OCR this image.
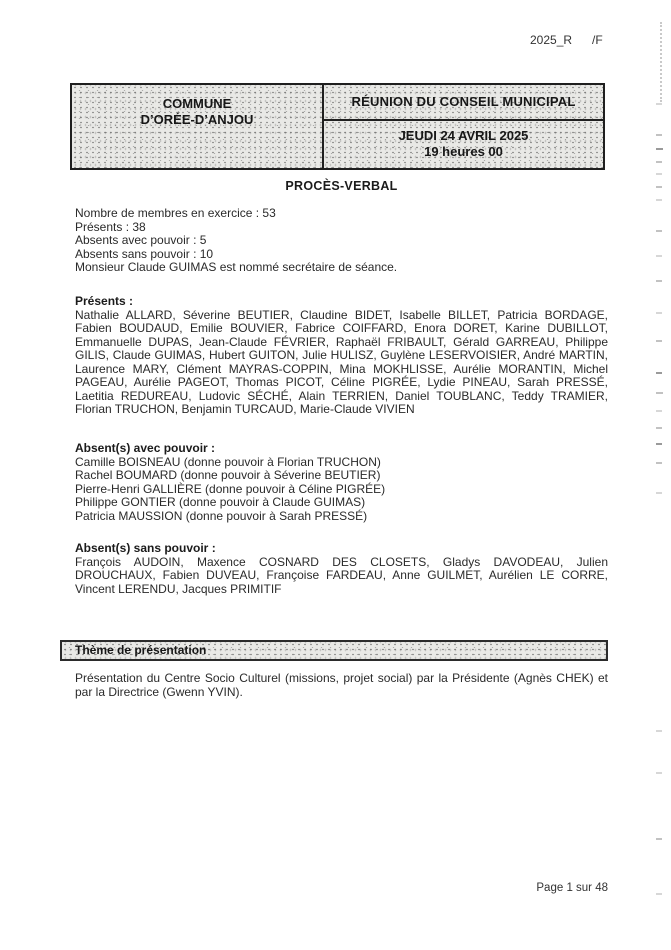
2025_R      /F
COMMUNE
D’ORÉE-D’ANJOU
RÉUNION DU CONSEIL MUNICIPAL
JEUDI 24 AVRIL 2025
19 heures 00
PROCÈS-VERBAL
Nombre de membres en exercice : 53
Présents : 38
Absents avec pouvoir : 5
Absents sans pouvoir : 10
Monsieur Claude GUIMAS est nommé secrétaire de séance.
Présents :
Nathalie ALLARD, Séverine BEUTIER, Claudine BIDET, Isabelle BILLET, Patricia BORDAGE, Fabien BOUDAUD, Emilie BOUVIER, Fabrice COIFFARD, Enora DORET, Karine DUBILLOT, Emmanuelle DUPAS, Jean-Claude FÉVRIER, Raphaël FRIBAULT, Gérald GARREAU, Philippe GILIS, Claude GUIMAS, Hubert GUITON, Julie HULISZ, Guylène LESERVOISIER, André MARTIN, Laurence MARY, Clément MAYRAS-COPPIN, Mina MOKHLISSE, Aurélie MORANTIN, Michel PAGEAU, Aurélie PAGEOT, Thomas PICOT, Céline PIGRÉE, Lydie PINEAU, Sarah PRESSÉ, Laetitia REDUREAU, Ludovic SÉCHÉ, Alain TERRIEN, Daniel TOUBLANC, Teddy TRAMIER, Florian TRUCHON, Benjamin TURCAUD, Marie-Claude VIVIEN
Absent(s) avec pouvoir :
Camille BOISNEAU (donne pouvoir à Florian TRUCHON)
Rachel BOUMARD (donne pouvoir à Séverine BEUTIER)
Pierre-Henri GALLIÈRE (donne pouvoir à Céline PIGRÉE)
Philippe GONTIER (donne pouvoir à Claude GUIMAS)
Patricia MAUSSION (donne pouvoir à Sarah PRESSÉ)
Absent(s) sans pouvoir :
François AUDOIN, Maxence COSNARD DES CLOSETS, Gladys DAVODEAU, Julien DROUCHAUX, Fabien DUVEAU, Françoise FARDEAU, Anne GUILMET, Aurélien LE CORRE, Vincent LERENDU, Jacques PRIMITIF
Thème de présentation
Présentation du Centre Socio Culturel (missions, projet social) par la Présidente (Agnès CHEK) et par la Directrice (Gwenn YVIN).
Page 1 sur 48
